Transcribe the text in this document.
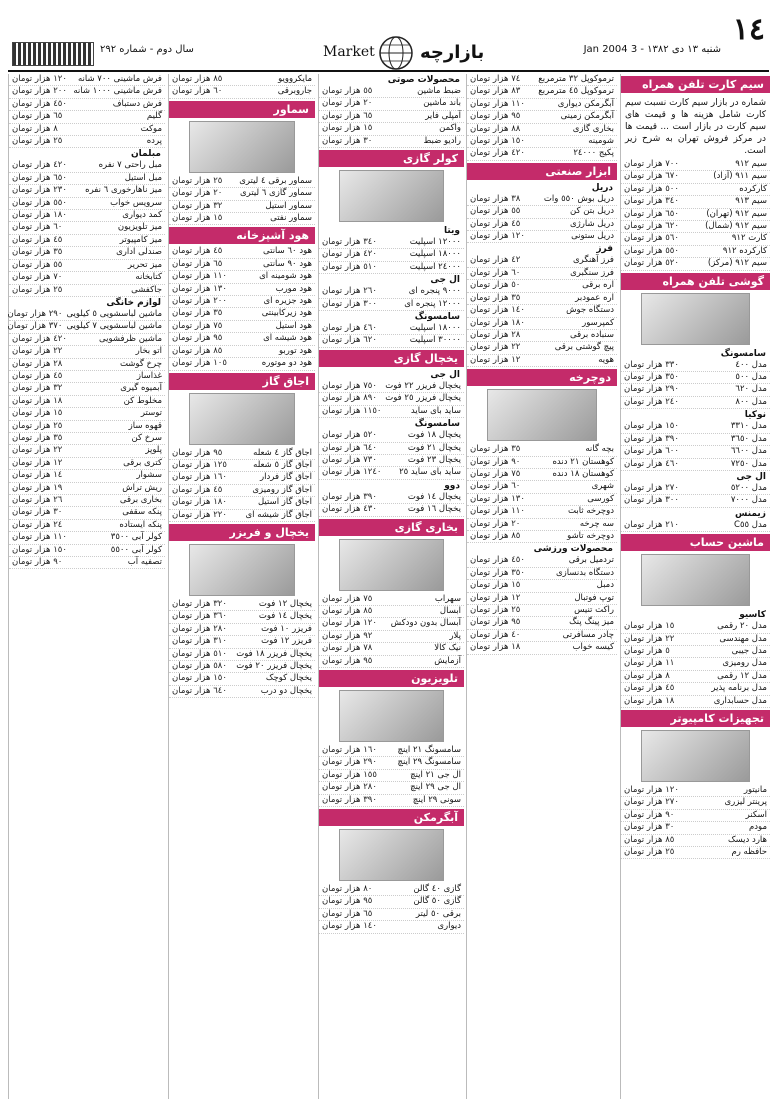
١٤
شنبه ١٣ دی ١٣٨٢ - Jan 2004 3
بازارچه
Market
سال دوم - شماره ٢٩٢
سیم کارت تلفن همراه
شماره در بازار سیم کارت نسبت سیم کارت شامل هزینه ها و قیمت های سیم کارت در بازار است ... قیمت ها در مرکز فروش تهران به شرح زیر است.
سیم ٩١٢
٧٠٠ هزار تومان
سیم ٩١١ (آزاد)
٦٧٠ هزار تومان
کارکرده
٥٠٠ هزار تومان
سیم ٩١٣
٣٤٠ هزار تومان
سیم ٩١٢ (تهران)
٦٥٠ هزار تومان
سیم ٩١٢ (شمال)
٦٢٠ هزار تومان
کارت ٩١٢
٥٦٠ هزار تومان
کارکرده ٩١٢
٥٥٠ هزار تومان
سیم ٩١٢ (مرکز)
٥٢٠ هزار تومان
گوشی تلفن همراه
سامسونگ
مدل ٤٠٠
٣٣٠ هزار تومان
مدل ٥٠٠
٣٥٠ هزار تومان
مدل ٦٢٠
٢٩٠ هزار تومان
مدل ٨٠٠
٢٤٠ هزار تومان
نوکیا
مدل ٣٣١٠
١٥٠ هزار تومان
مدل ٣٦٥٠
٣٩٠ هزار تومان
مدل ٦٦٠٠
٦٠٠ هزار تومان
مدل ٧٢٥٠
٤٦٠ هزار تومان
ال جی
مدل ٥٢٠٠
٢٧٠ هزار تومان
مدل ٧٠٠٠
٣٠٠ هزار تومان
زیمنس
مدل C٥٥
٢١٠ هزار تومان
ماشین حساب
کاسیو
مدل ٢٠ رقمی
١٥ هزار تومان
مدل مهندسی
٢٢ هزار تومان
مدل جیبی
٥ هزار تومان
مدل رومیزی
١١ هزار تومان
مدل ١٢ رقمی
٨ هزار تومان
مدل برنامه پذیر
٤٥ هزار تومان
مدل حسابداری
١٨ هزار تومان
تجهیزات کامپیوتر
مانیتور
١٢٠ هزار تومان
پرینتر لیزری
٢٧٠ هزار تومان
اسکنر
٩٠ هزار تومان
مودم
٣٠ هزار تومان
هارد دیسک
٨٥ هزار تومان
حافظه رم
٢٥ هزار تومان
ترموکوپل ٣٢ مترمربع
٧٤ هزار تومان
ترموکوپل ٤٥ مترمربع
٨٣ هزار تومان
آبگرمکن دیواری
١١٠ هزار تومان
آبگرمکن زمینی
٩٥ هزار تومان
بخاری گازی
٨٨ هزار تومان
شومینه
١٥٠ هزار تومان
پکیج ٢٤٠٠٠
٤٢٠ هزار تومان
ابزار صنعتی
دریل
دریل بوش ٥٥٠ وات
٣٨ هزار تومان
دریل بتن کن
٥٥ هزار تومان
دریل شارژی
٤٥ هزار تومان
دریل ستونی
١٢٠ هزار تومان
فرز
فرز آهنگری
٤٢ هزار تومان
فرز سنگبری
٦٠ هزار تومان
اره برقی
٥٠ هزار تومان
اره عمودبر
٣٥ هزار تومان
دستگاه جوش
١٤٠ هزار تومان
کمپرسور
١٨٠ هزار تومان
سنباده برقی
٢٨ هزار تومان
پیچ گوشتی برقی
٢٢ هزار تومان
هویه
١٢ هزار تومان
دوچرخه
بچه گانه
٣٥ هزار تومان
کوهستان ٢١ دنده
٩٠ هزار تومان
کوهستان ١٨ دنده
٧٥ هزار تومان
شهری
٦٠ هزار تومان
کورسی
١٣٠ هزار تومان
دوچرخه ثابت
١١٠ هزار تومان
سه چرخه
٢٠ هزار تومان
دوچرخه تاشو
٨٥ هزار تومان
محصولات ورزشی
تردمیل برقی
٤٥٠ هزار تومان
دستگاه بدنسازی
٣٥٠ هزار تومان
دمبل
١٥ هزار تومان
توپ فوتبال
١٢ هزار تومان
راکت تنیس
٢٥ هزار تومان
میز پینگ پنگ
٩٥ هزار تومان
چادر مسافرتی
٤٠ هزار تومان
کیسه خواب
١٨ هزار تومان
محصولات صوتی
ضبط ماشین
٥٥ هزار تومان
باند ماشین
٢٠ هزار تومان
آمپلی فایر
٦٥ هزار تومان
واکمن
١٥ هزار تومان
رادیو ضبط
٣٠ هزار تومان
کولر گازی
ویتا
١٢٠٠٠ اسپلیت
٣٤٠ هزار تومان
١٨٠٠٠ اسپلیت
٤٢٠ هزار تومان
٢٤٠٠٠ اسپلیت
٥١٠ هزار تومان
ال جی
٩٠٠٠ پنجره ای
٢٦٠ هزار تومان
١٢٠٠٠ پنجره ای
٣٠٠ هزار تومان
سامسونگ
١٨٠٠٠ اسپلیت
٤٦٠ هزار تومان
٣٠٠٠٠ اسپلیت
٦٢٠ هزار تومان
یخچال گازی
ال جی
یخچال فریزر ٢٢ فوت
٧٥٠ هزار تومان
یخچال فریزر ٢٥ فوت
٨٩٠ هزار تومان
ساید بای ساید
١١٥٠ هزار تومان
سامسونگ
یخچال ١٨ فوت
٥٢٠ هزار تومان
یخچال ٢١ فوت
٦٤٠ هزار تومان
یخچال ٢٣ فوت
٧٣٠ هزار تومان
ساید بای ساید ٢٥
١٢٤٠ هزار تومان
دوو
یخچال ١٤ فوت
٣٩٠ هزار تومان
یخچال ١٦ فوت
٤٣٠ هزار تومان
بخاری گازی
سهراب
٧٥ هزار تومان
ابسال
٨٥ هزار تومان
آبسال بدون دودکش
١٢٠ هزار تومان
پلار
٩٢ هزار تومان
نیک کالا
٧٨ هزار تومان
آزمایش
٩٥ هزار تومان
تلویزیون
سامسونگ ٢١ اینچ
١٦٠ هزار تومان
سامسونگ ٢٩ اینچ
٢٩٠ هزار تومان
ال جی ٢١ اینچ
١٥٥ هزار تومان
ال جی ٢٩ اینچ
٢٨٠ هزار تومان
سونی ٢٩ اینچ
٣٩٠ هزار تومان
آبگرمکن
گازی ٤٠ گالن
٨٠ هزار تومان
گازی ٥٠ گالن
٩٥ هزار تومان
برقی ٥٠ لیتر
٦٥ هزار تومان
دیواری
١٤٠ هزار تومان
مایکروویو
٨٥ هزار تومان
جاروبرقی
٦٠ هزار تومان
سماور
سماور برقی ٤ لیتری
٢٥ هزار تومان
سماور گازی ٦ لیتری
٢٠ هزار تومان
سماور استیل
٣٢ هزار تومان
سماور نفتی
١٥ هزار تومان
هود آشپزخانه
هود ٦٠ سانتی
٤٥ هزار تومان
هود ٩٠ سانتی
٦٥ هزار تومان
هود شومینه ای
١١٠ هزار تومان
هود مورب
١٣٠ هزار تومان
هود جزیره ای
٢٠٠ هزار تومان
هود زیرکابینتی
٣٥ هزار تومان
هود استیل
٧٥ هزار تومان
هود شیشه ای
٩٥ هزار تومان
هود توربو
٨٥ هزار تومان
هود دو موتوره
١٠٥ هزار تومان
اجاق گاز
اجاق گاز ٤ شعله
٩٥ هزار تومان
اجاق گاز ٥ شعله
١٢٥ هزار تومان
اجاق گاز فردار
١٦٠ هزار تومان
اجاق گاز رومیزی
٤٥ هزار تومان
اجاق گاز استیل
١٨٠ هزار تومان
اجاق گاز شیشه ای
٢٢٠ هزار تومان
یخچال و فریزر
یخچال ١٢ فوت
٣٢٠ هزار تومان
یخچال ١٤ فوت
٣٦٠ هزار تومان
فریزر ١٠ فوت
٢٨٠ هزار تومان
فریزر ١٢ فوت
٣١٠ هزار تومان
یخچال فریزر ١٨ فوت
٥١٠ هزار تومان
یخچال فریزر ٢٠ فوت
٥٨٠ هزار تومان
یخچال کوچک
١٥٠ هزار تومان
یخچال دو درب
٦٤٠ هزار تومان
فرش ماشینی ٧٠٠ شانه
١٢٠ هزار تومان
فرش ماشینی ١٠٠٠ شانه
٢٠٠ هزار تومان
فرش دستباف
٤٥٠ هزار تومان
گلیم
٦٥ هزار تومان
موکت
٨ هزار تومان
پرده
٢٥ هزار تومان
مبلمان
مبل راحتی ٧ نفره
٤٢٠ هزار تومان
مبل استیل
٦٥٠ هزار تومان
میز ناهارخوری ٦ نفره
٢٣٠ هزار تومان
سرویس خواب
٥٥٠ هزار تومان
کمد دیواری
١٨٠ هزار تومان
میز تلویزیون
٦٠ هزار تومان
میز کامپیوتر
٤٥ هزار تومان
صندلی اداری
٣٥ هزار تومان
میز تحریر
٥٥ هزار تومان
کتابخانه
٧٠ هزار تومان
جاکفشی
٢٥ هزار تومان
لوازم خانگی
ماشین لباسشویی ٥ کیلویی
٢٩٠ هزار تومان
ماشین لباسشویی ٧ کیلویی
٣٧٠ هزار تومان
ماشین ظرفشویی
٤٢٠ هزار تومان
اتو بخار
٢٢ هزار تومان
چرخ گوشت
٢٨ هزار تومان
غذاساز
٤٥ هزار تومان
آبمیوه گیری
٣٢ هزار تومان
مخلوط کن
١٨ هزار تومان
توستر
١٥ هزار تومان
قهوه ساز
٢٥ هزار تومان
سرخ کن
٣٥ هزار تومان
پلوپز
٢٢ هزار تومان
کتری برقی
١٢ هزار تومان
سشوار
١٤ هزار تومان
ریش تراش
١٩ هزار تومان
بخاری برقی
٢٦ هزار تومان
پنکه سقفی
٣٠ هزار تومان
پنکه ایستاده
٢٤ هزار تومان
کولر آبی ٣٥٠٠
١١٠ هزار تومان
کولر آبی ٥٥٠٠
١٥٠ هزار تومان
تصفیه آب
٩٠ هزار تومان
